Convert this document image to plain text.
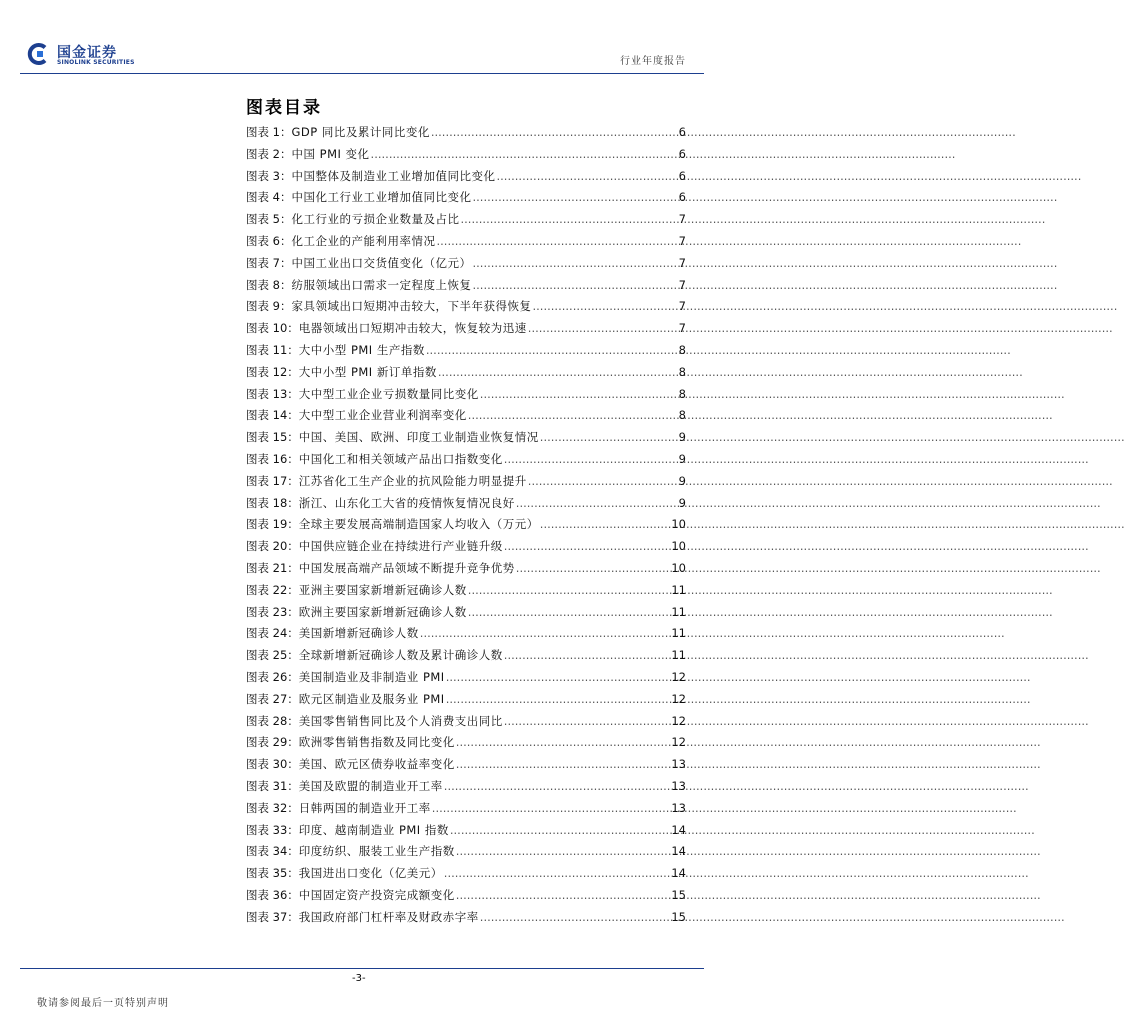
国金证券
SINOLINK SECURITIES	行业年度报告
图表目录
图表 1： GDP 同比及累计同比变化 .....	6
图表 2： 中国 PMI 变化 .....	6
图表 3： 中国整体及制造业工业增加值同比变化 .....	6
图表 4： 中国化工行业工业增加值同比变化 .....	6
图表 5： 化工行业的亏损企业数量及占比 .....	7
图表 6： 化工企业的产能利用率情况 .....	7
图表 7： 中国工业出口交货值变化（亿元） .....	7
图表 8： 纺服领域出口需求一定程度上恢复 .....	7
图表 9： 家具领域出口短期冲击较大，下半年获得恢复 .....	7
图表 10： 电器领域出口短期冲击较大，恢复较为迅速 .....	7
图表 11： 大中小型 PMI 生产指数 .....	8
图表 12： 大中小型 PMI 新订单指数 .....	8
图表 13： 大中型工业企业亏损数量同比变化 .....	8
图表 14： 大中型工业企业营业利润率变化 .....	8
图表 15： 中国、美国、欧洲、印度工业制造业恢复情况 .....	9
图表 16： 中国化工和相关领域产品出口指数变化 .....	9
图表 17： 江苏省化工生产企业的抗风险能力明显提升 .....	9
图表 18： 浙江、山东化工大省的疫情恢复情况良好 .....	9
图表 19： 全球主要发展高端制造国家人均收入（万元） .....	10
图表 20： 中国供应链企业在持续进行产业链升级 .....	10
图表 21： 中国发展高端产品领域不断提升竞争优势 .....	10
图表 22： 亚洲主要国家新增新冠确诊人数 .....	11
图表 23： 欧洲主要国家新增新冠确诊人数 .....	11
图表 24： 美国新增新冠确诊人数 .....	11
图表 25： 全球新增新冠确诊人数及累计确诊人数 .....	11
图表 26： 美国制造业及非制造业 PMI .....	12
图表 27： 欧元区制造业及服务业 PMI .....	12
图表 28： 美国零售销售同比及个人消费支出同比 .....	12
图表 29： 欧洲零售销售指数及同比变化 .....	12
图表 30： 美国、欧元区债券收益率变化 .....	13
图表 31： 美国及欧盟的制造业开工率 .....	13
图表 32： 日韩两国的制造业开工率 .....	13
图表 33： 印度、越南制造业 PMI 指数 .....	14
图表 34： 印度纺织、服装工业生产指数 .....	14
图表 35： 我国进出口变化（亿美元） .....	14
图表 36： 中国固定资产投资完成额变化 .....	15
图表 37： 我国政府部门杠杆率及财政赤字率 .....	15
-3-
敬请参阅最后一页特别声明
